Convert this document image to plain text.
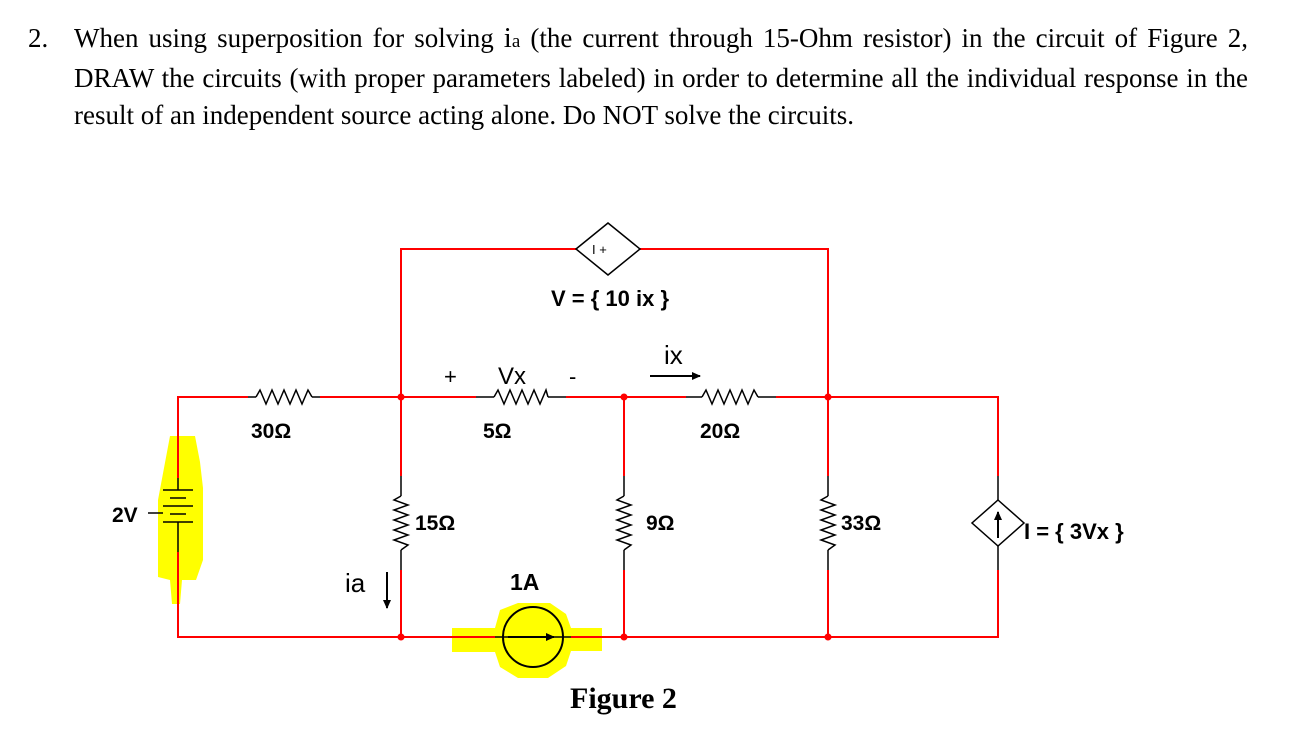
2. When using superposition for solving ia (the current through 15-Ohm resistor) in the circuit of Figure 2, DRAW the circuits (with proper parameters labeled) in order to determine all the individual response in the result of an independent source acting alone. Do NOT solve the circuits.
2V
30Ω	5Ω	20Ω
15Ω	9Ω	33Ω
+ Vx -
ix
ia	1A
I +
V = { 10 ix }
I = { 3Vx }
Figure 2
